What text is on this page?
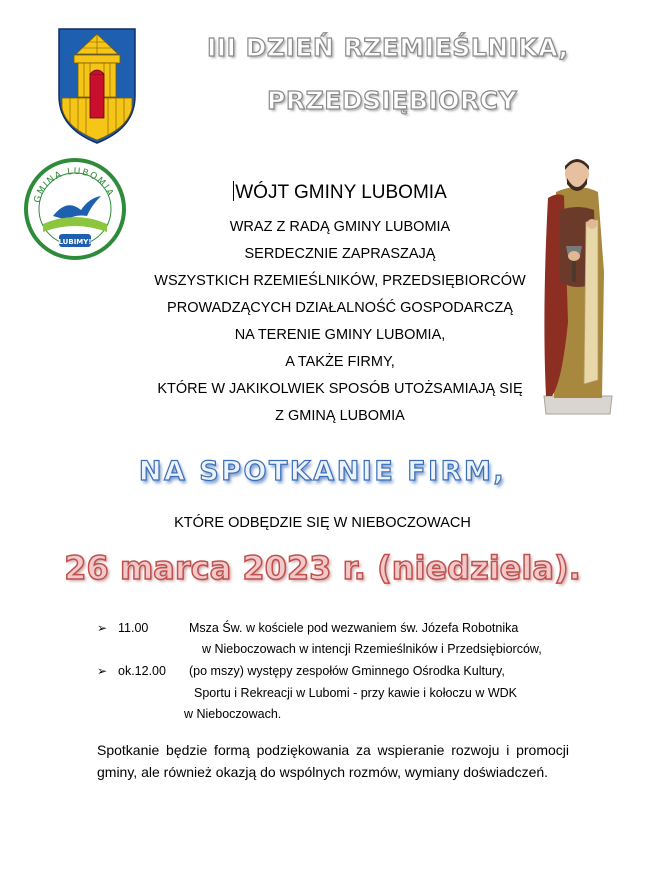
III DZIEŃ RZEMIEŚLNIKA,
PRZEDSIĘBIORCY
GMINA LUBOMIA
LUBIMY!
WÓJT GMINY LUBOMIA
WRAZ Z RADĄ GMINY LUBOMIA
SERDECZNIE ZAPRASZAJĄ
WSZYSTKICH RZEMIEŚLNIKÓW, PRZEDSIĘBIORCÓW
PROWADZĄCYCH DZIAŁALNOŚĆ GOSPODARCZĄ
NA TERENIE GMINY LUBOMIA,
A TAKŻE FIRMY,
KTÓRE W JAKIKOLWIEK SPOSÓB UTOŻSAMIAJĄ SIĘ
Z GMINĄ LUBOMIA
NA SPOTKANIE FIRM,
KTÓRE ODBĘDZIE SIĘ W NIEBOCZOWACH
26 marca 2023 r. (niedziela).
➢ 11.00	Msza Św. w kościele pod wezwaniem św. Józefa Robotnika
w Nieboczowach w intencji Rzemieślników i Przedsiębiorców,
➢ ok.12.00 (po mszy) występy zespołów Gminnego Ośrodka Kultury,
Sportu i Rekreacji w Lubomi - przy kawie i kołoczu w WDK
w Nieboczowach.
Spotkanie będzie formą podziękowania za wspieranie rozwoju i promocji gminy, ale również okazją do wspólnych rozmów, wymiany doświadczeń.
